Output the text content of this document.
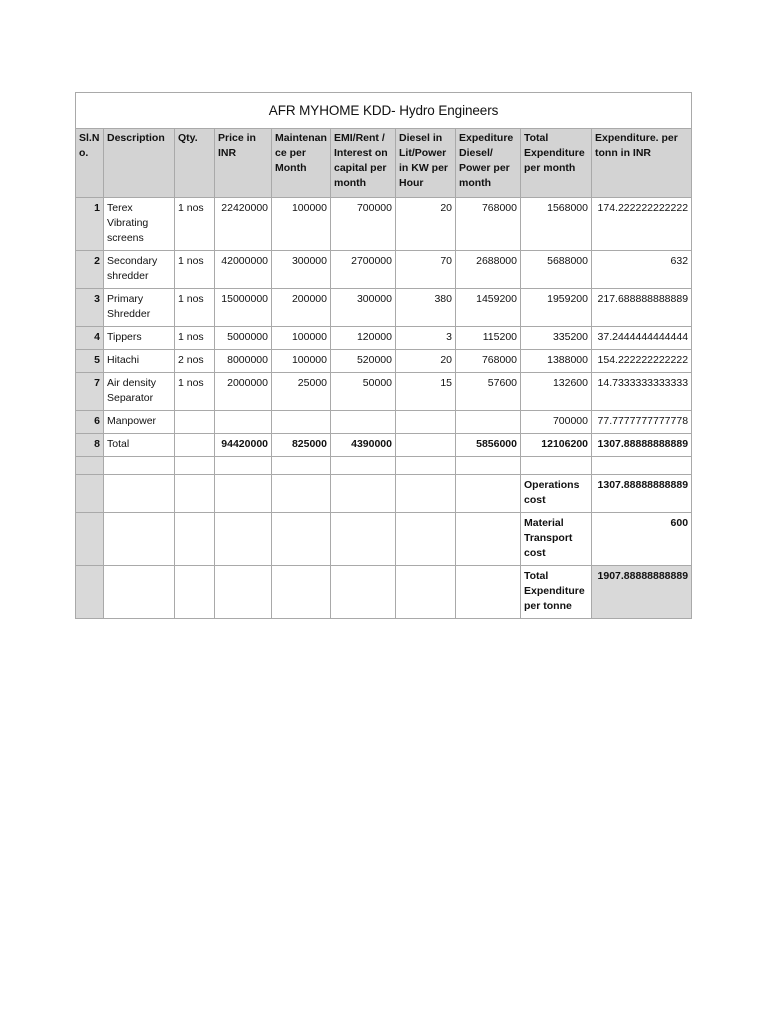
AFR MYHOME KDD- Hydro Engineers									
Sl.No.	Description	Qty.	Price in INR	Maintenance per Month	EMI/Rent / Interest on capital per month	Diesel in Lit/Power in KW per Hour	Expediture Diesel/ Power per month	Total Expenditure per month	Expenditure. per tonn in INR
1	Terex Vibrating screens	1 nos	22420000	100000	700000	20	768000	1568000	174.222222222222
2	Secondary shredder	1 nos	42000000	300000	2700000	70	2688000	5688000	632
3	Primary Shredder	1 nos	15000000	200000	300000	380	1459200	1959200	217.688888888889
4	Tippers	1 nos	5000000	100000	120000	3	115200	335200	37.2444444444444
5	Hitachi	2 nos	8000000	100000	520000	20	768000	1388000	154.222222222222
7	Air density Separator	1 nos	2000000	25000	50000	15	57600	132600	14.7333333333333
6	Manpower							700000	77.7777777777778
8	Total		94420000	825000	4390000		5856000	12106200	1307.88888888889

								Operations cost	1307.88888888889
								Material Transport cost	600
								Total Expenditure per tonne	1907.88888888889
